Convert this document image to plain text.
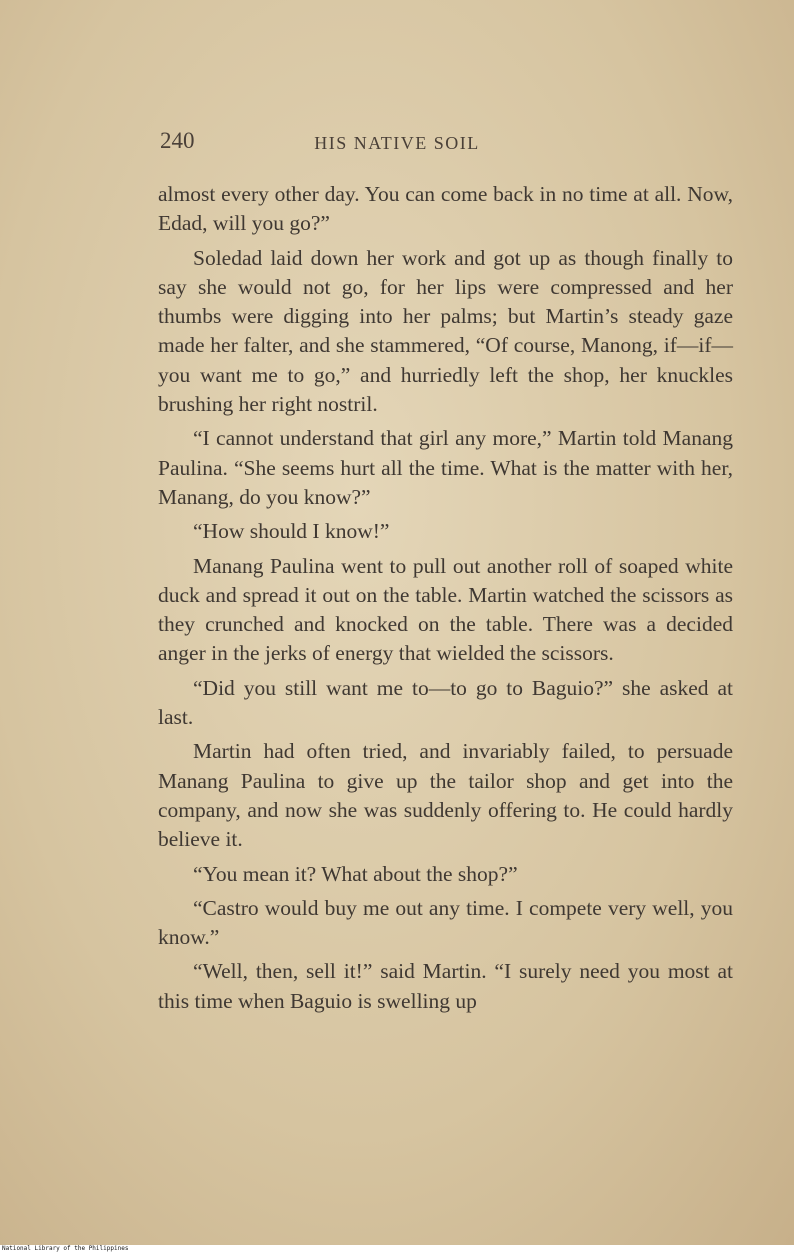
240	HIS NATIVE SOIL

almost every other day. You can come back in no time at all. Now, Edad, will you go?”

Soledad laid down her work and got up as though finally to say she would not go, for her lips were compressed and her thumbs were digging into her palms; but Martin’s steady gaze made her falter, and she stammered, “Of course, Manong, if—if—you want me to go,” and hurriedly left the shop, her knuckles brushing her right nostril.

“I cannot understand that girl any more,” Martin told Manang Paulina. “She seems hurt all the time. What is the matter with her, Manang, do you know?”

“How should I know!”

Manang Paulina went to pull out another roll of soaped white duck and spread it out on the table. Martin watched the scissors as they crunched and knocked on the table. There was a decided anger in the jerks of energy that wielded the scissors.

“Did you still want me to—to go to Baguio?” she asked at last.

Martin had often tried, and invariably failed, to persuade Manang Paulina to give up the tailor shop and get into the company, and now she was suddenly offering to. He could hardly believe it.

“You mean it? What about the shop?”

“Castro would buy me out any time. I compete very well, you know.”

“Well, then, sell it!” said Martin. “I surely need you most at this time when Baguio is swelling up

National Library of the Philippines
